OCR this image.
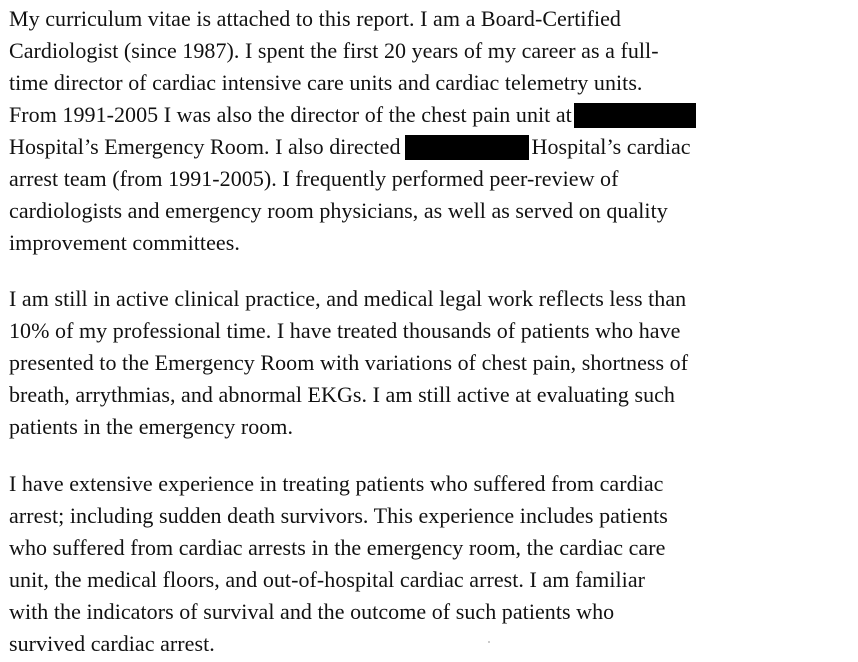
My curriculum vitae is attached to this report. I am a Board-Certified

Cardiologist (since 1987). I spent the first 20 years of my career as a full-

time director of cardiac intensive care units and cardiac telemetry units.

From 1991-2005 I was also the director of the chest pain unit at

Hospital’s Emergency Room. I also directed	Hospital’s cardiac

arrest team (from 1991-2005). I frequently performed peer-review of

cardiologists and emergency room physicians, as well as served on quality

improvement committees.

I am still in active clinical practice, and medical legal work reflects less than

10% of my professional time. I have treated thousands of patients who have

presented to the Emergency Room with variations of chest pain, shortness of

breath, arrythmias, and abnormal EKGs. I am still active at evaluating such

patients in the emergency room.

I have extensive experience in treating patients who suffered from cardiac

arrest; including sudden death survivors. This experience includes patients

who suffered from cardiac arrests in the emergency room, the cardiac care

unit, the medical floors, and out-of-hospital cardiac arrest. I am familiar

with the indicators of survival and the outcome of such patients who

survived cardiac arrest.
